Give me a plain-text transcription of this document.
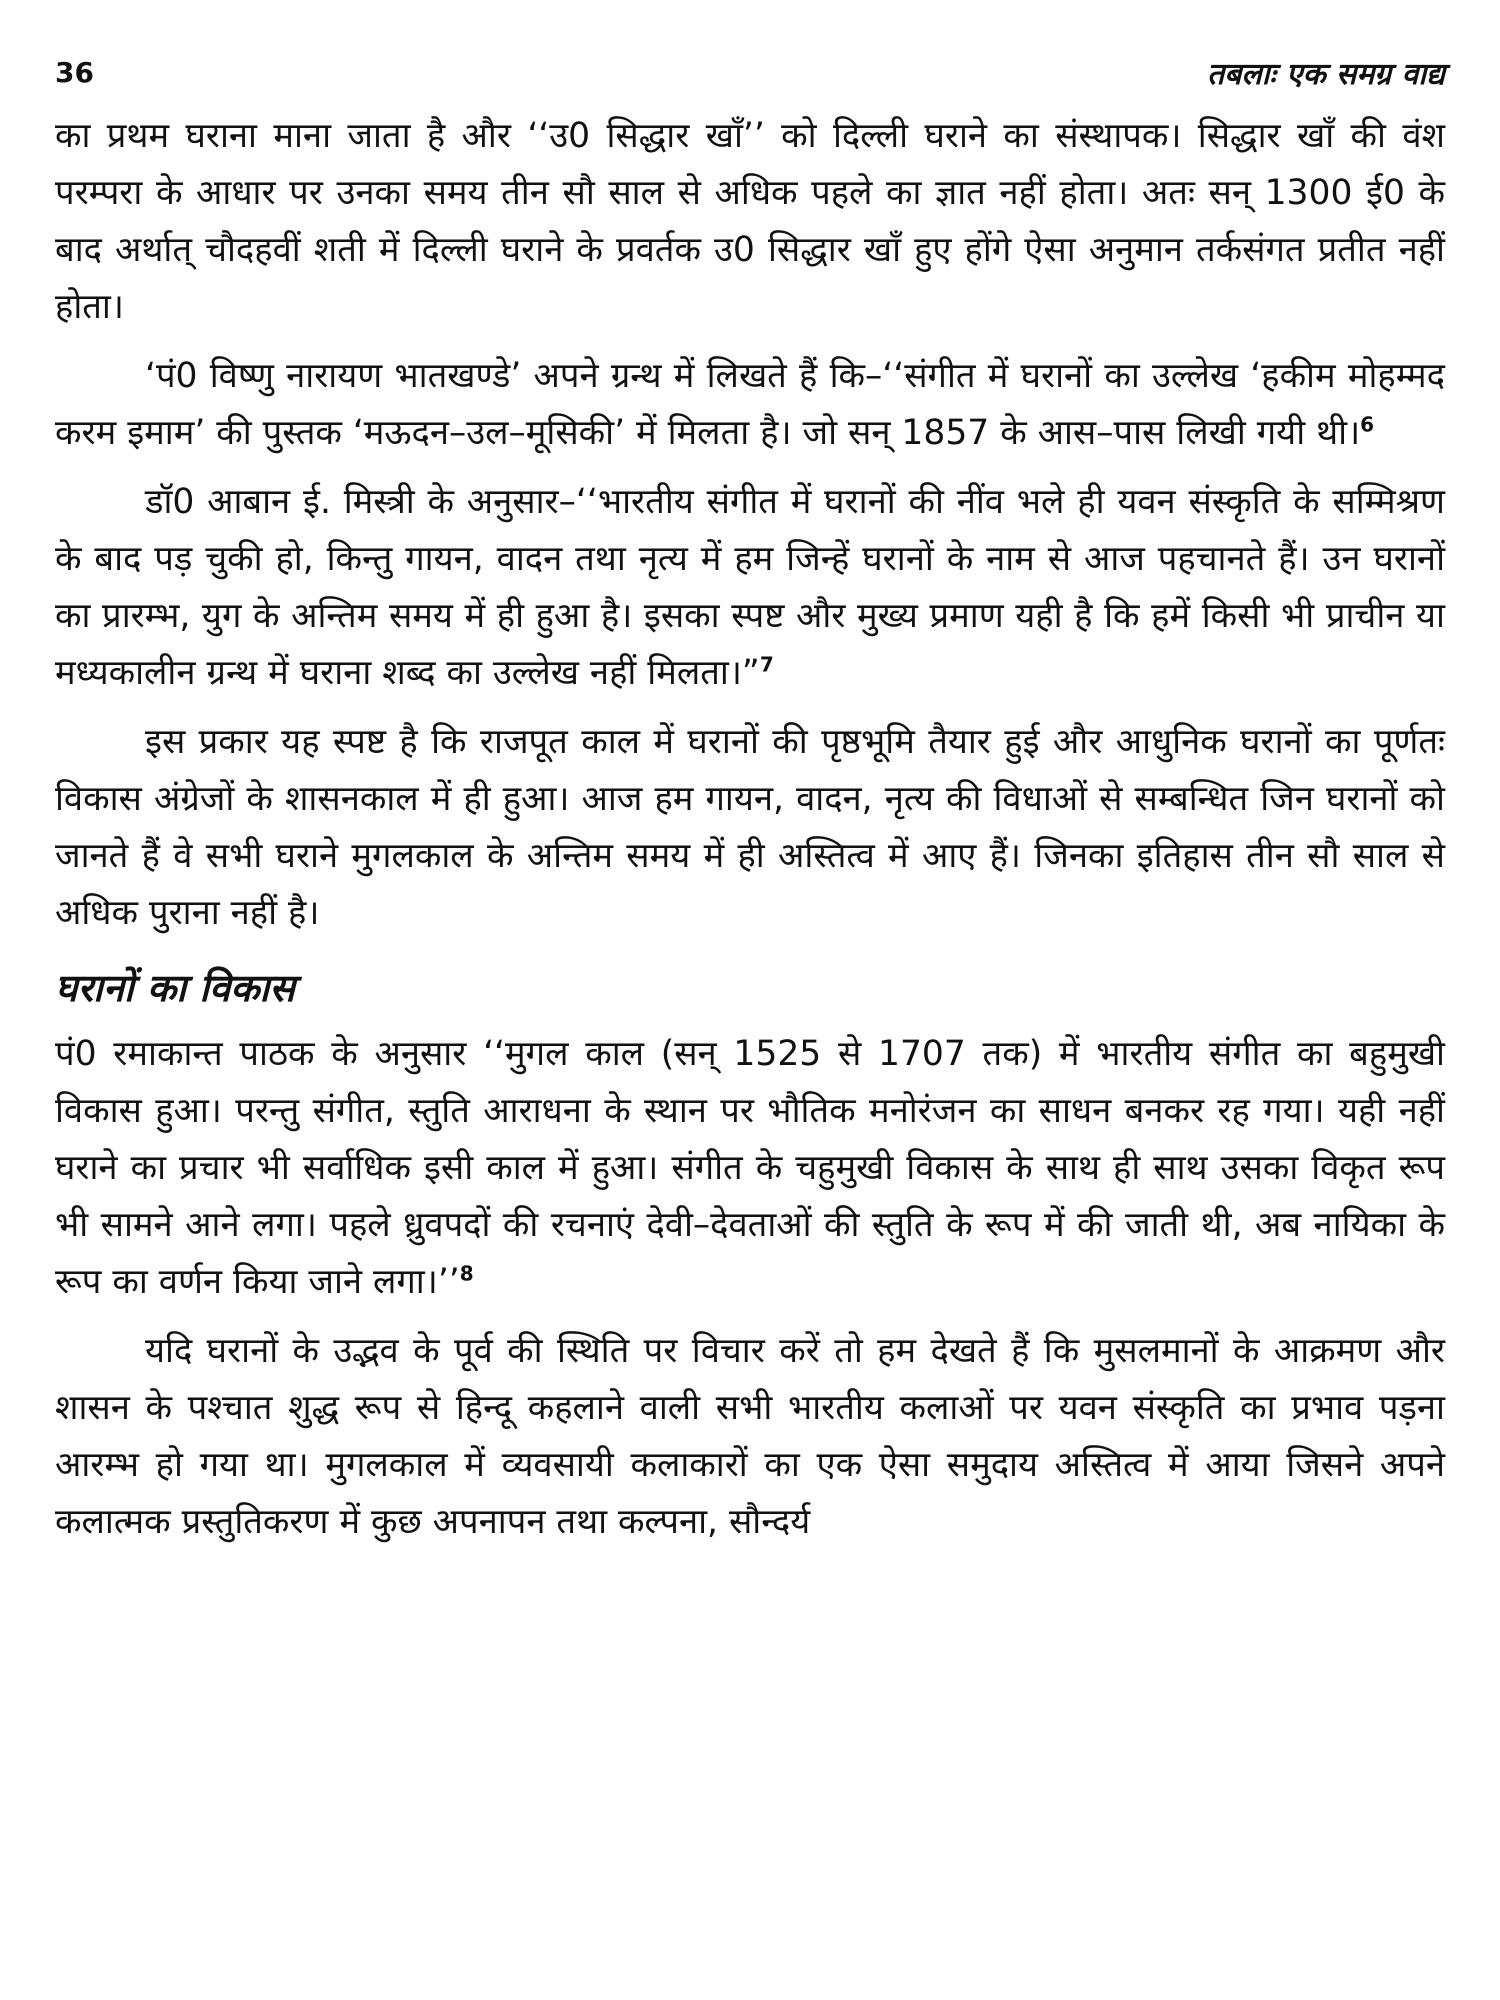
36	तबलाः एक समग्र वाद्य

का प्रथम घराना माना जाता है और ‘‘उ0 सिद्धार खाँ’’ को दिल्ली घराने का संस्थापक। सिद्धार खाँ की वंश परम्परा के आधार पर उनका समय तीन सौ साल से अधिक पहले का ज्ञात नहीं होता। अतः सन् 1300 ई0 के बाद अर्थात् चौदहवीं शती में दिल्ली घराने के प्रवर्तक उ0 सिद्धार खाँ हुए होंगे ऐसा अनुमान तर्कसंगत प्रतीत नहीं होता।

‘पं0 विष्णु नारायण भातखण्डे’ अपने ग्रन्थ में लिखते हैं कि–‘‘संगीत में घरानों का उल्लेख ‘हकीम मोहम्मद करम इमाम’ की पुस्तक ‘मऊदन–उल–मूसिकी’ में मिलता है। जो सन् 1857 के आस–पास लिखी गयी थी।$^6$

डॉ0 आबान ई. मिस्त्री के अनुसार–‘‘भारतीय संगीत में घरानों की नींव भले ही यवन संस्कृति के सम्मिश्रण के बाद पड़ चुकी हो, किन्तु गायन, वादन तथा नृत्य में हम जिन्हें घरानों के नाम से आज पहचानते हैं। उन घरानों का प्रारम्भ, युग के अन्तिम समय में ही हुआ है। इसका स्पष्ट और मुख्य प्रमाण यही है कि हमें किसी भी प्राचीन या मध्यकालीन ग्रन्थ में घराना शब्द का उल्लेख नहीं मिलता।”$^7$

इस प्रकार यह स्पष्ट है कि राजपूत काल में घरानों की पृष्ठभूमि तैयार हुई और आधुनिक घरानों का पूर्णतः विकास अंग्रेजों के शासनकाल में ही हुआ। आज हम गायन, वादन, नृत्य की विधाओं से सम्बन्धित जिन घरानों को जानते हैं वे सभी घराने मुगलकाल के अन्तिम समय में ही अस्तित्व में आए हैं। जिनका इतिहास तीन सौ साल से अधिक पुराना नहीं है।

घरानों का विकास

पं0 रमाकान्त पाठक के अनुसार ‘‘मुगल काल (सन् 1525 से 1707 तक) में भारतीय संगीत का बहुमुखी विकास हुआ। परन्तु संगीत, स्तुति आराधना के स्थान पर भौतिक मनोरंजन का साधन बनकर रह गया। यही नहीं घराने का प्रचार भी सर्वाधिक इसी काल में हुआ। संगीत के चहुमुखी विकास के साथ ही साथ उसका विकृत रूप भी सामने आने लगा। पहले ध्रुवपदों की रचनाएं देवी–देवताओं की स्तुति के रूप में की जाती थी, अब नायिका के रूप का वर्णन किया जाने लगा।’’$^8$

यदि घरानों के उद्भव के पूर्व की स्थिति पर विचार करें तो हम देखते हैं कि मुसलमानों के आक्रमण और शासन के पश्चात शुद्ध रूप से हिन्दू कहलाने वाली सभी भारतीय कलाओं पर यवन संस्कृति का प्रभाव पड़ना आरम्भ हो गया था। मुगलकाल में व्यवसायी कलाकारों का एक ऐसा समुदाय अस्तित्व में आया जिसने अपने कलात्मक प्रस्तुतिकरण में कुछ अपनापन तथा कल्पना, सौन्दर्य
